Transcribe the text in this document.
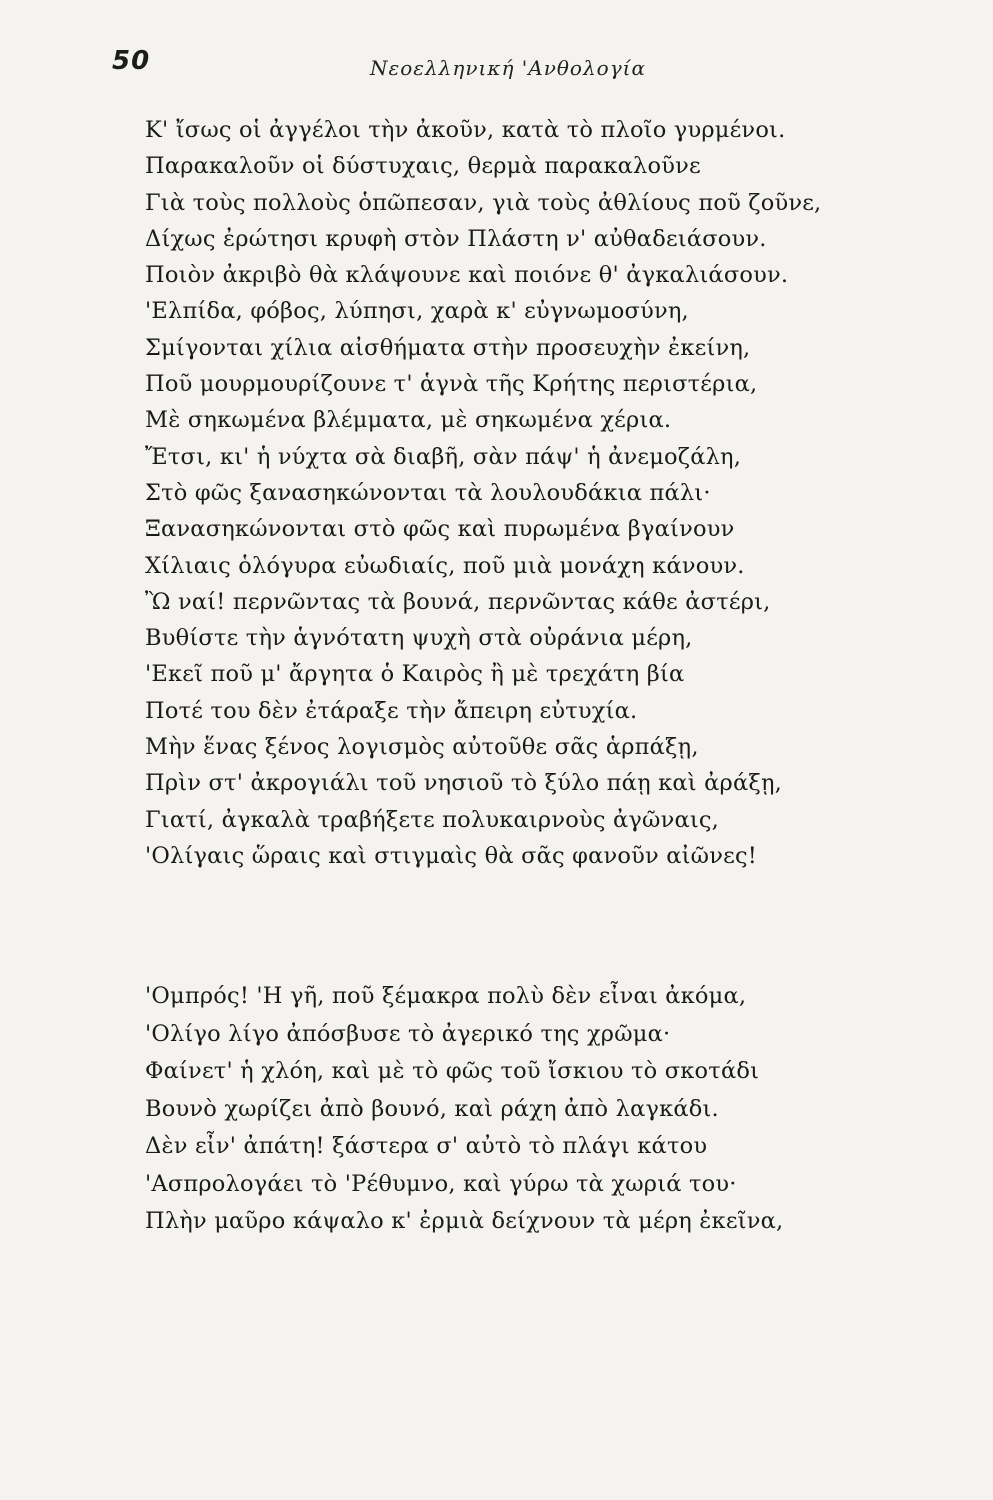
50	Νεοελληνική 'Ανθολογία
Κ' ἴσως οἱ ἀγγέλοι τὴν ἀκοῦν, κατὰ τὸ πλοῖο γυρμένοι.
Παρακαλοῦν οἱ δύστυχαις, θερμὰ παρακαλοῦνε
Γιὰ τοὺς πολλοὺς ὁπῶπεσαν, γιὰ τοὺς ἀθλίους ποῦ ζοῦνε,
Δίχως ἐρώτησι κρυφὴ στὸν Πλάστη ν' αὐθαδειάσουν.
Ποιὸν ἀκριβὸ θὰ κλάψουνε καὶ ποιόνε θ' ἀγκαλιάσουν.
'Ελπίδα, φόβος, λύπησι, χαρὰ κ' εὐγνωμοσύνη,
Σμίγονται χίλια αἰσθήματα στὴν προσευχὴν ἐκείνη,
Ποῦ μουρμουρίζουνε τ' ἁγνὰ τῆς Κρήτης περιστέρια,
Μὲ σηκωμένα βλέμματα, μὲ σηκωμένα χέρια.
Ἔτσι, κι' ἡ νύχτα σὰ διαβῆ, σὰν πάψ' ἡ ἀνεμοζάλη,
Στὸ φῶς ξανασηκώνονται τὰ λουλουδάκια πάλι·
Ξανασηκώνονται στὸ φῶς καὶ πυρωμένα βγαίνουν
Χίλιαις ὁλόγυρα εὐωδιαίς, ποῦ μιὰ μονάχη κάνουν.
Ὢ ναί! περνῶντας τὰ βουνά, περνῶντας κάθε ἀστέρι,
Βυθίστε τὴν ἁγνότατη ψυχὴ στὰ οὐράνια μέρη,
'Εκεῖ ποῦ μ' ἄργητα ὁ Καιρὸς ἢ μὲ τρεχάτη βία
Ποτέ του δὲν ἐτάραξε τὴν ἄπειρη εὐτυχία.
Μὴν ἕνας ξένος λογισμὸς αὐτοῦθε σᾶς ἁρπάξῃ,
Πρὶν στ' ἀκρογιάλι τοῦ νησιοῦ τὸ ξύλο πάῃ καὶ ἀράξῃ,
Γιατί, ἀγκαλὰ τραβήξετε πολυκαιρνοὺς ἀγῶναις,
'Ολίγαις ὥραις καὶ στιγμαὶς θὰ σᾶς φανοῦν αἰῶνες!
'Ομπρός! 'Η γῆ, ποῦ ξέμακρα πολὺ δὲν εἶναι ἀκόμα,
'Ολίγο λίγο ἀπόσβυσε τὸ ἀγερικό της χρῶμα·
Φαίνετ' ἡ χλόη, καὶ μὲ τὸ φῶς τοῦ ἴσκιου τὸ σκοτάδι
Βουνὸ χωρίζει ἀπὸ βουνό, καὶ ράχη ἀπὸ λαγκάδι.
Δὲν εἶν' ἀπάτη! ξάστερα σ' αὐτὸ τὸ πλάγι κάτου
'Ασπρολογάει τὸ 'Ρέθυμνο, καὶ γύρω τὰ χωριά του·
Πλὴν μαῦρο κάψαλο κ' ἐρμιὰ δείχνουν τὰ μέρη ἐκεῖνα,
